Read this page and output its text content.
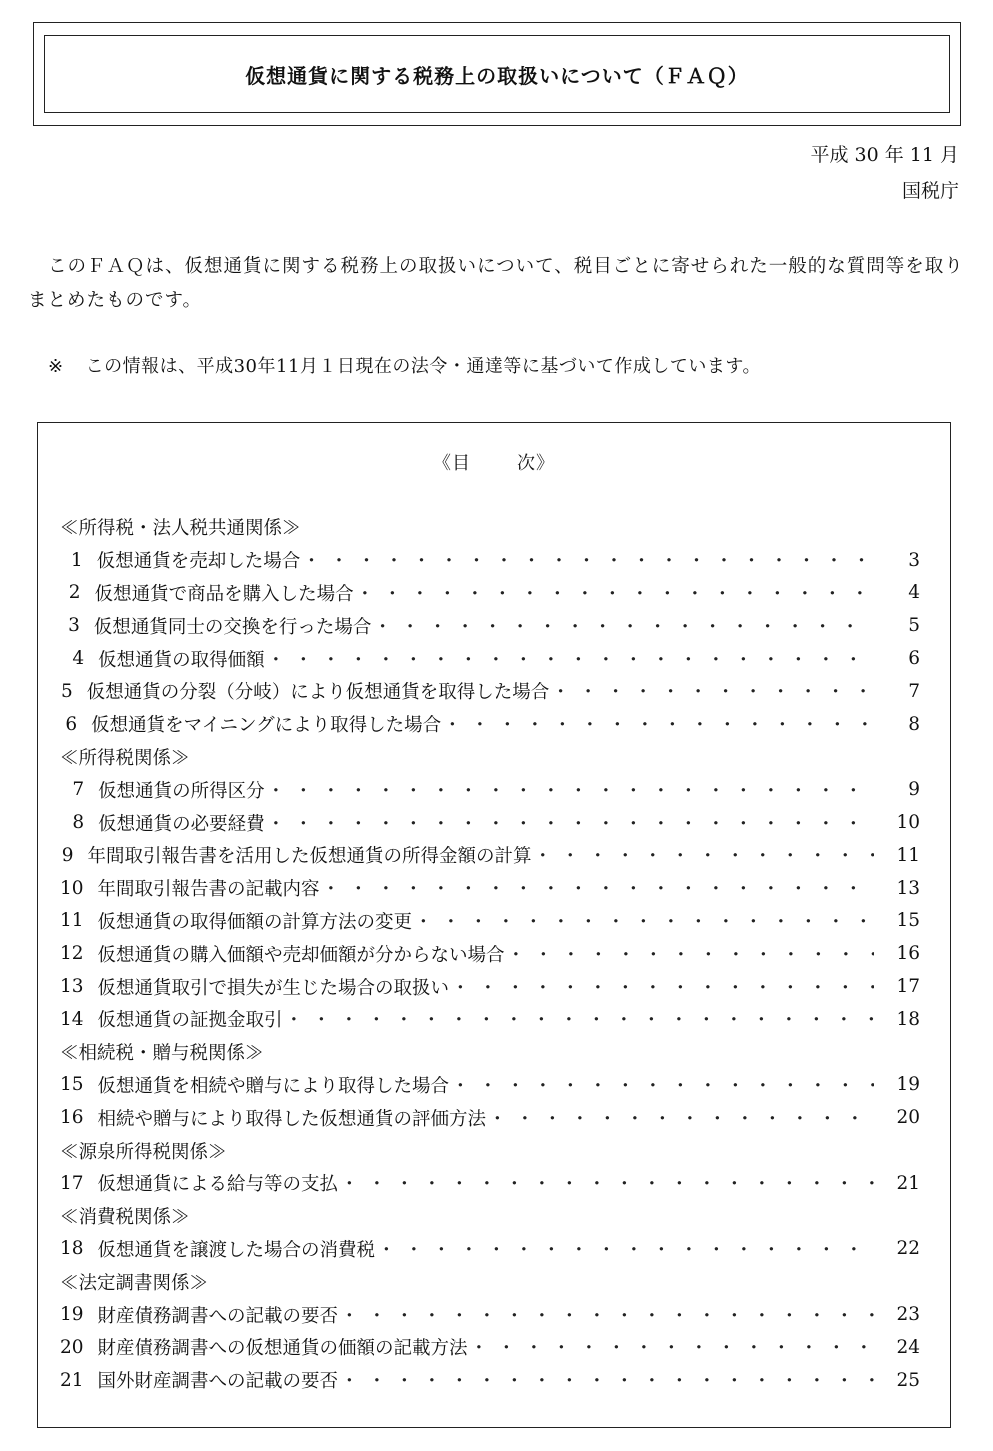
仮想通貨に関する税務上の取扱いについて（ＦＡＱ）
平成 30 年 11 月
国税庁
このＦＡＱは、仮想通貨に関する税務上の取扱いについて、税目ごとに寄せられた一般的な質問等を取りまとめたものです。
※ この情報は、平成30年11月１日現在の法令・通達等に基づいて作成しています。
《目	次》
≪所得税・法人税共通関係≫
1 仮想通貨を売却した場合 ・・・・・・・・・・・・・・・・・・・・・・・・・・・・・・・・・・・・・・・・・・・・	3
2 仮想通貨で商品を購入した場合 ・・・・・・・・・・・・・・・・・・・・・・・・・・・・・・・・・・・・・・・・・・・・	4
3 仮想通貨同士の交換を行った場合 ・・・・・・・・・・・・・・・・・・・・・・・・・・・・・・・・・・・・・・・・・・・・	5
4 仮想通貨の取得価額 ・・・・・・・・・・・・・・・・・・・・・・・・・・・・・・・・・・・・・・・・・・・・	6
5 仮想通貨の分裂（分岐）により仮想通貨を取得した場合 ・・・・・・・・・・・・・・・・・・・・・・・・・・・・・・・・・・・・・・・・・・・・	7
6 仮想通貨をマイニングにより取得した場合 ・・・・・・・・・・・・・・・・・・・・・・・・・・・・・・・・・・・・・・・・・・・・	8
≪所得税関係≫
7 仮想通貨の所得区分 ・・・・・・・・・・・・・・・・・・・・・・・・・・・・・・・・・・・・・・・・・・・・	9
8 仮想通貨の必要経費 ・・・・・・・・・・・・・・・・・・・・・・・・・・・・・・・・・・・・・・・・・・・・	10
9 年間取引報告書を活用した仮想通貨の所得金額の計算 ・・・・・・・・・・・・・・・・・・・・・・・・・・・・・・・・・・・・・・・・・・・・	11
10 年間取引報告書の記載内容 ・・・・・・・・・・・・・・・・・・・・・・・・・・・・・・・・・・・・・・・・・・・・	13
11 仮想通貨の取得価額の計算方法の変更 ・・・・・・・・・・・・・・・・・・・・・・・・・・・・・・・・・・・・・・・・・・・・	15
12 仮想通貨の購入価額や売却価額が分からない場合 ・・・・・・・・・・・・・・・・・・・・・・・・・・・・・・・・・・・・・・・・・・・・	16
13 仮想通貨取引で損失が生じた場合の取扱い ・・・・・・・・・・・・・・・・・・・・・・・・・・・・・・・・・・・・・・・・・・・・	17
14 仮想通貨の証拠金取引 ・・・・・・・・・・・・・・・・・・・・・・・・・・・・・・・・・・・・・・・・・・・・	18
≪相続税・贈与税関係≫
15 仮想通貨を相続や贈与により取得した場合 ・・・・・・・・・・・・・・・・・・・・・・・・・・・・・・・・・・・・・・・・・・・・	19
16 相続や贈与により取得した仮想通貨の評価方法 ・・・・・・・・・・・・・・・・・・・・・・・・・・・・・・・・・・・・・・・・・・・・	20
≪源泉所得税関係≫
17 仮想通貨による給与等の支払 ・・・・・・・・・・・・・・・・・・・・・・・・・・・・・・・・・・・・・・・・・・・・	21
≪消費税関係≫
18 仮想通貨を譲渡した場合の消費税 ・・・・・・・・・・・・・・・・・・・・・・・・・・・・・・・・・・・・・・・・・・・・	22
≪法定調書関係≫
19 財産債務調書への記載の要否 ・・・・・・・・・・・・・・・・・・・・・・・・・・・・・・・・・・・・・・・・・・・・	23
20 財産債務調書への仮想通貨の価額の記載方法 ・・・・・・・・・・・・・・・・・・・・・・・・・・・・・・・・・・・・・・・・・・・・	24
21 国外財産調書への記載の要否 ・・・・・・・・・・・・・・・・・・・・・・・・・・・・・・・・・・・・・・・・・・・・	25
